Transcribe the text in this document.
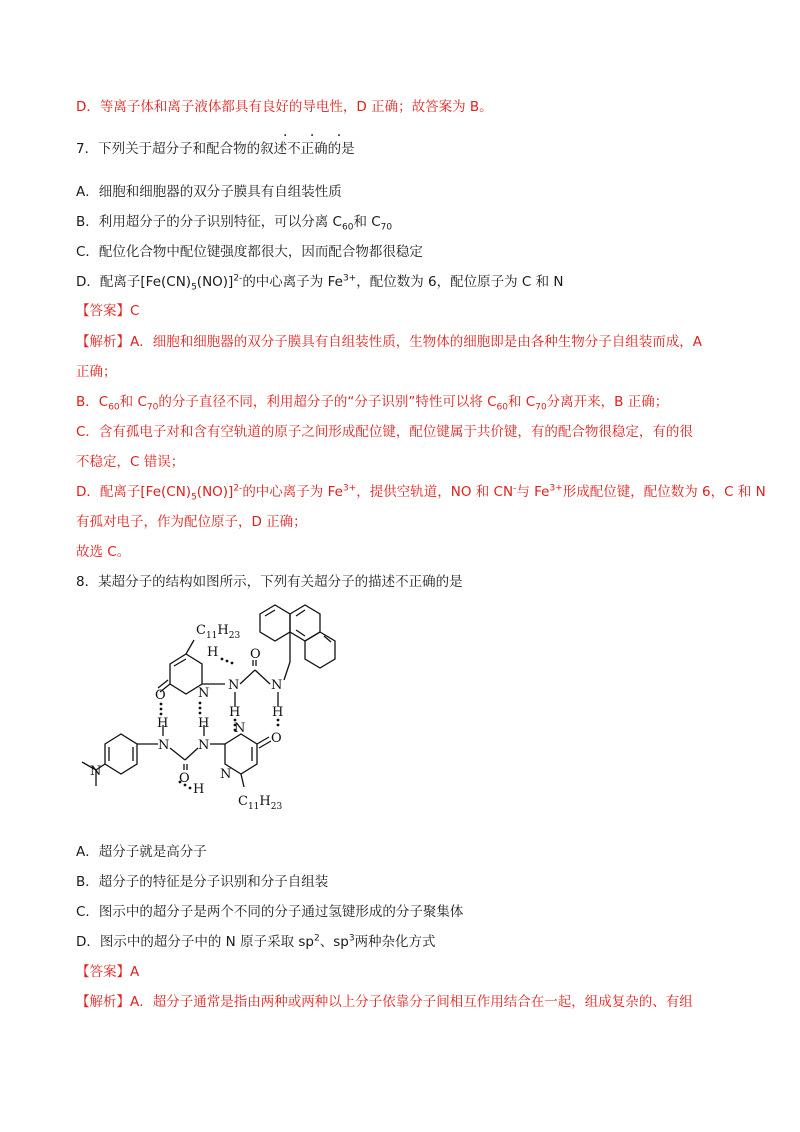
D．等离子体和离子液体都具有良好的导电性，D 正确；故答案为 B。
· · ·
7．下列关于超分子和配合物的叙述不正确的是
A．细胞和细胞器的双分子膜具有自组装性质
B．利用超分子的分子识别特征，可以分离 $C_{60}$和 $C_{70}$
C．配位化合物中配位键强度都很大，因而配合物都很稳定
D．配离子$[Fe(CN)_5(NO)]^{2-}$的中心离子为 $Fe^{3+}$，配位数为 6，配位原子为 C 和 N
【答案】C
【解析】A．细胞和细胞器的双分子膜具有自组装性质，生物体的细胞即是由各种生物分子自组装而成，A
正确；
B．$C_{60}$和 $C_{70}$的分子直径不同，利用超分子的“分子识别”特性可以将 $C_{60}$和 $C_{70}$分离开来，B 正确；
C．含有孤电子对和含有空轨道的原子之间形成配位键，配位键属于共价键，有的配合物很稳定，有的很
不稳定，C 错误；
D．配离子$[Fe(CN)_5(NO)]^{2-}$的中心离子为 $Fe^{3+}$，提供空轨道，NO 和 CN-与 $Fe^{3+}$形成配位键，配位数为 6，C 和 N
有孤对电子，作为配位原子，D 正确；
故选 C。
8．某超分子的结构如图所示，下列有关超分子的描述不正确的是
$C_{11}H_{23}$
H O
N N
O N
H H
H H
N N
N
O
O N
H
N
$C_{11}H_{23}$
A．超分子就是高分子
B．超分子的特征是分子识别和分子自组装
C．图示中的超分子是两个不同的分子通过氢键形成的分子聚集体
D．图示中的超分子中的 N 原子采取 $sp^2$、$sp^3$两种杂化方式
【答案】A
【解析】A．超分子通常是指由两种或两种以上分子依靠分子间相互作用结合在一起，组成复杂的、有组
